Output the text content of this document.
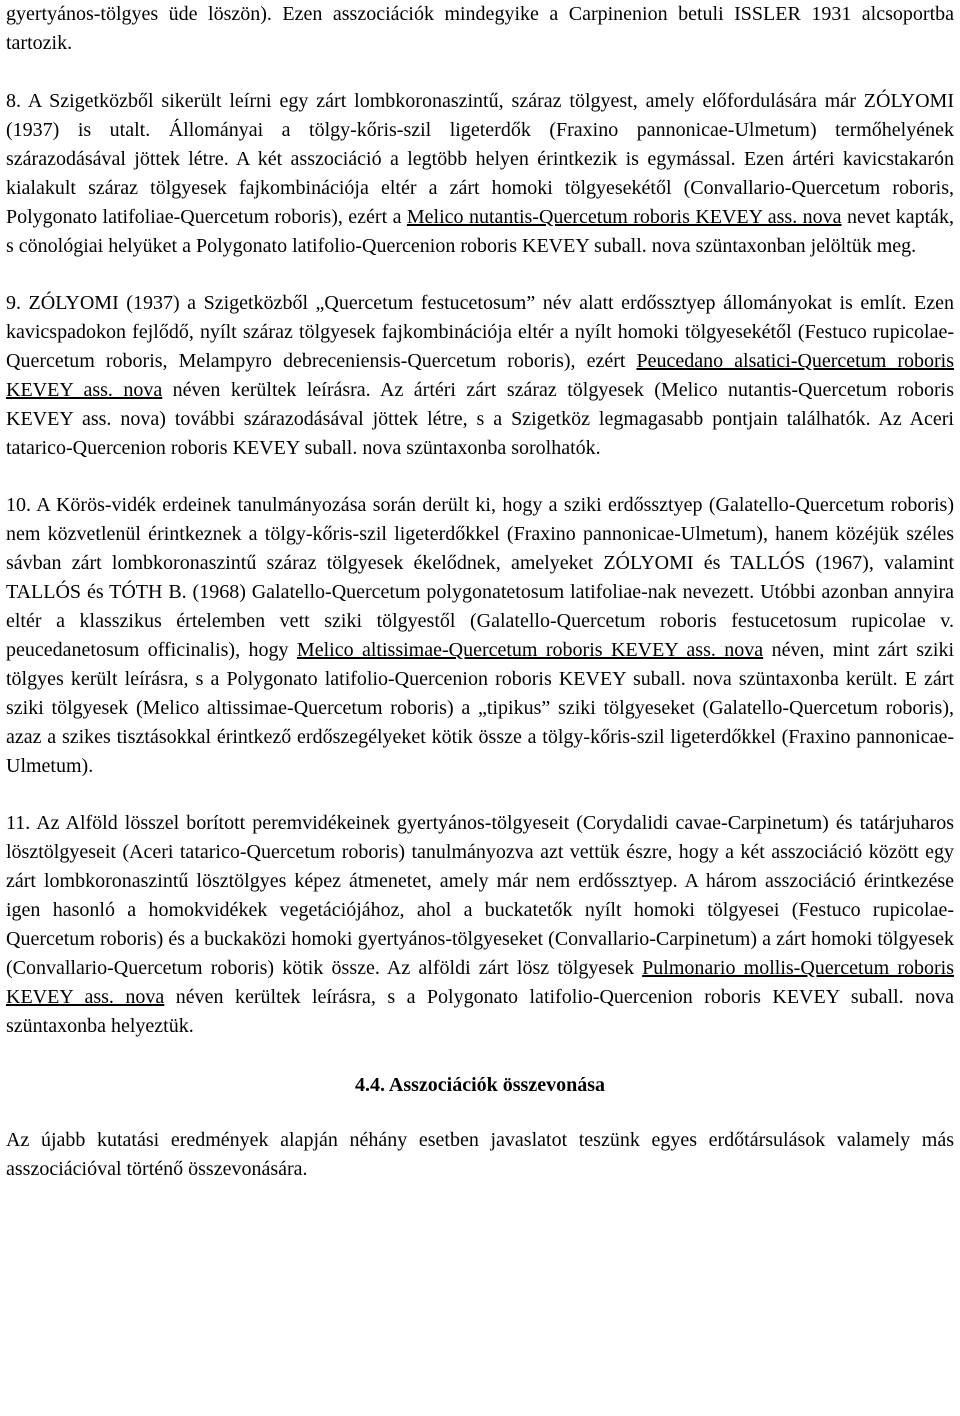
gyertyános-tölgyes üde löszön). Ezen asszociációk mindegyike a Carpinenion betuli ISSLER 1931 alcsoportba tartozik.

8. A Szigetközből sikerült leírni egy zárt lombkoronaszintű, száraz tölgyest, amely előfordulására már ZÓLYOMI (1937) is utalt. Állományai a tölgy-kőris-szil ligeterdők (Fraxino pannonicae-Ulmetum) termőhelyének szárazodásával jöttek létre. A két asszociáció a legtöbb helyen érintkezik is egymással. Ezen ártéri kavicstakarón kialakult száraz tölgyesek fajkombinációja eltér a zárt homoki tölgyesekétől (Convallario-Quercetum roboris, Polygonato latifoliae-Quercetum roboris), ezért a Melico nutantis-Quercetum roboris KEVEY ass. nova nevet kapták, s cönológiai helyüket a Polygonato latifolio-Quercenion roboris KEVEY suball. nova szüntaxonban jelöltük meg.

9. ZÓLYOMI (1937) a Szigetközből „Quercetum festucetosum” név alatt erdőssztyep állományokat is említ. Ezen kavicspadokon fejlődő, nyílt száraz tölgyesek fajkombinációja eltér a nyílt homoki tölgyesekétől (Festuco rupicolae-Quercetum roboris, Melampyro debreceniensis-Quercetum roboris), ezért Peucedano alsatici-Quercetum roboris KEVEY ass. nova néven kerültek leírásra. Az ártéri zárt száraz tölgyesek (Melico nutantis-Quercetum roboris KEVEY ass. nova) további szárazodásával jöttek létre, s a Szigetköz legmagasabb pontjain találhatók. Az Aceri tatarico-Quercenion roboris KEVEY suball. nova szüntaxonba sorolhatók.

10. A Körös-vidék erdeinek tanulmányozása során derült ki, hogy a sziki erdőssztyep (Galatello-Quercetum roboris) nem közvetlenül érintkeznek a tölgy-kőris-szil ligeterdőkkel (Fraxino pannonicae-Ulmetum), hanem közéjük széles sávban zárt lombkoronaszintű száraz tölgyesek ékelődnek, amelyeket ZÓLYOMI és TALLÓS (1967), valamint TALLÓS és TÓTH B. (1968) Galatello-Quercetum polygonatetosum latifoliae-nak nevezett. Utóbbi azonban annyira eltér a klasszikus értelemben vett sziki tölgyestől (Galatello-Quercetum roboris festucetosum rupicolae v. peucedanetosum officinalis), hogy Melico altissimae-Quercetum roboris KEVEY ass. nova néven, mint zárt sziki tölgyes került leírásra, s a Polygonato latifolio-Quercenion roboris KEVEY suball. nova szüntaxonba került. E zárt sziki tölgyesek (Melico altissimae-Quercetum roboris) a „tipikus” sziki tölgyeseket (Galatello-Quercetum roboris), azaz a szikes tisztásokkal érintkező erdőszegélyeket kötik össze a tölgy-kőris-szil ligeterdőkkel (Fraxino pannonicae-Ulmetum).

11. Az Alföld lösszel borított peremvidékeinek gyertyános-tölgyeseit (Corydalidi cavae-Carpinetum) és tatárjuharos lösztölgyeseit (Aceri tatarico-Quercetum roboris) tanulmányozva azt vettük észre, hogy a két asszociáció között egy zárt lombkoronaszintű lösztölgyes képez átmenetet, amely már nem erdőssztyep. A három asszociáció érintkezése igen hasonló a homokvidékek vegetációjához, ahol a buckatetők nyílt homoki tölgyesei (Festuco rupicolae-Quercetum roboris) és a buckaközi homoki gyertyános-tölgyeseket (Convallario-Carpinetum) a zárt homoki tölgyesek (Convallario-Quercetum roboris) kötik össze. Az alföldi zárt lösz tölgyesek Pulmonario mollis-Quercetum roboris KEVEY ass. nova néven kerültek leírásra, s a Polygonato latifolio-Quercenion roboris KEVEY suball. nova szüntaxonba helyeztük.

4.4. Asszociációk összevonása

Az újabb kutatási eredmények alapján néhány esetben javaslatot teszünk egyes erdőtársulások valamely más asszociációval történő összevonására.
